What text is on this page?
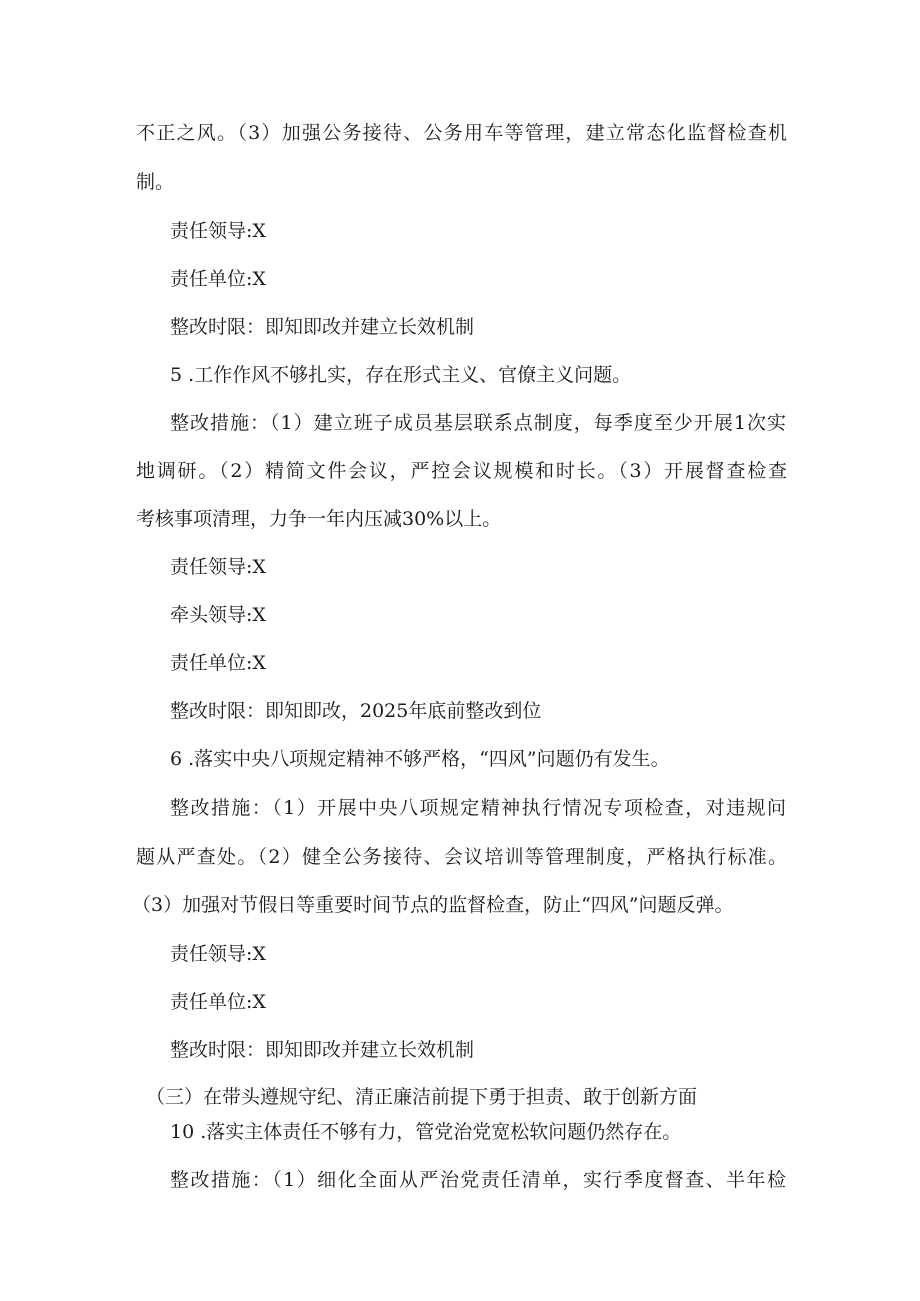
不正之风。（3）加强公务接待、公务用车等管理，建立常态化监督检查机
制。
责任领导:X
责任单位:X
整改时限：即知即改并建立长效机制
5 .工作作风不够扎实，存在形式主义、官僚主义问题。
整改措施：（1）建立班子成员基层联系点制度，每季度至少开展1次实
地调研。（2）精简文件会议，严控会议规模和时长。（3）开展督查检查
考核事项清理，力争一年内压减30%以上。
责任领导:X
牵头领导:X
责任单位:X
整改时限：即知即改，2025年底前整改到位
6 .落实中央八项规定精神不够严格，“四风”问题仍有发生。
整改措施：（1）开展中央八项规定精神执行情况专项检查，对违规问
题从严查处。（2）健全公务接待、会议培训等管理制度，严格执行标准。
（3）加强对节假日等重要时间节点的监督检查，防止“四风”问题反弹。
责任领导:X
责任单位:X
整改时限：即知即改并建立长效机制
（三）在带头遵规守纪、清正廉洁前提下勇于担责、敢于创新方面
10 .落实主体责任不够有力，管党治党宽松软问题仍然存在。
整改措施：（1）细化全面从严治党责任清单，实行季度督查、半年检
